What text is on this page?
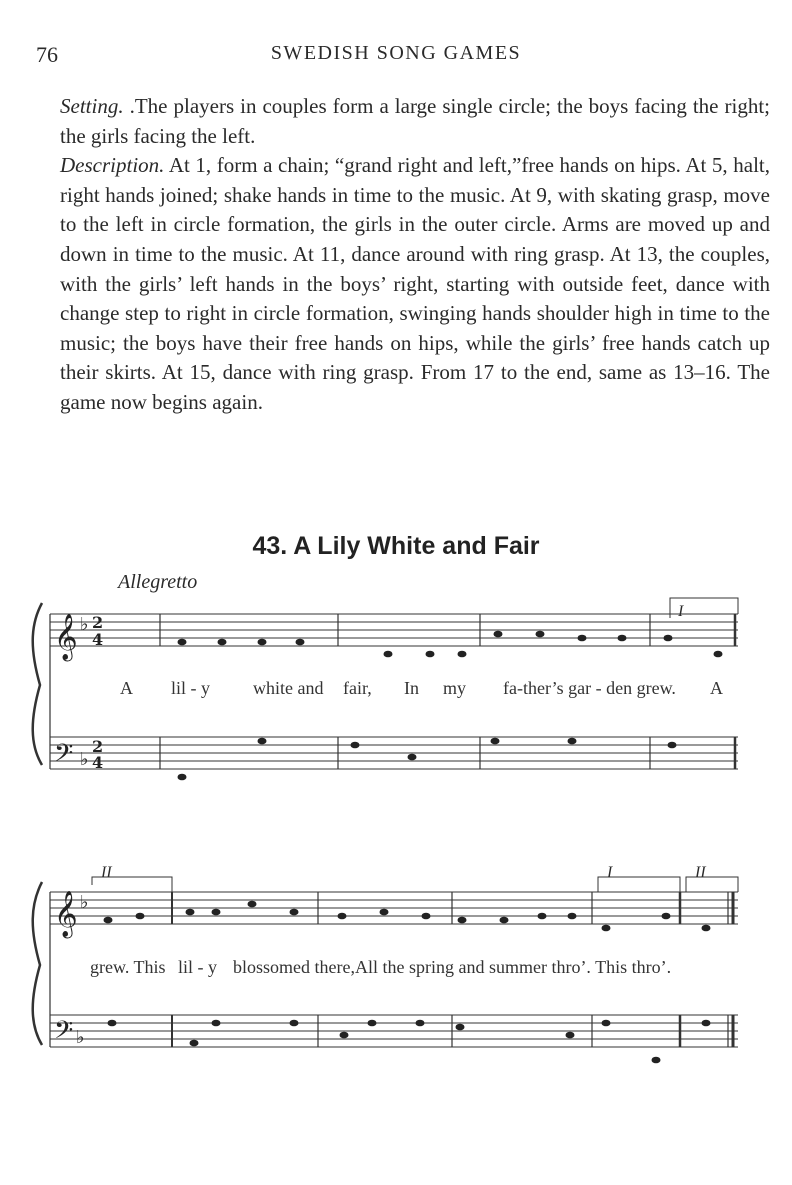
76	SWEDISH SONG GAMES

Setting. .The players in couples form a large single circle; the boys facing the right; the girls facing the left.

Description. At 1, form a chain; “grand right and left,”free hands on hips. At 5, halt, right hands joined; shake hands in time to the music. At 9, with skating grasp, move to the left in circle formation, the girls in the outer circle. Arms are moved up and down in time to the music. At 11, dance around with ring grasp. At 13, the couples, with the girls’ left hands in the boys’ right, starting with outside feet, dance with change step to right in circle formation, swinging hands shoulder high in time to the music; the boys have their free hands on hips, while the girls’ free hands catch up their skirts. At 15, dance with ring grasp. From 17 to the end, same as 13–16. The game now begins again.

43. A Lily White and Fair
Allegretto
I
II	I	II
A lil - y white and fair, In my fa-ther’s gar - den grew. A
grew. This lil - y blossomed there,All the spring and summer thro’. This thro’.
𝄞
𝄢
𝄞
𝄢
♭
♭
♭
♭
2
4
2
4
